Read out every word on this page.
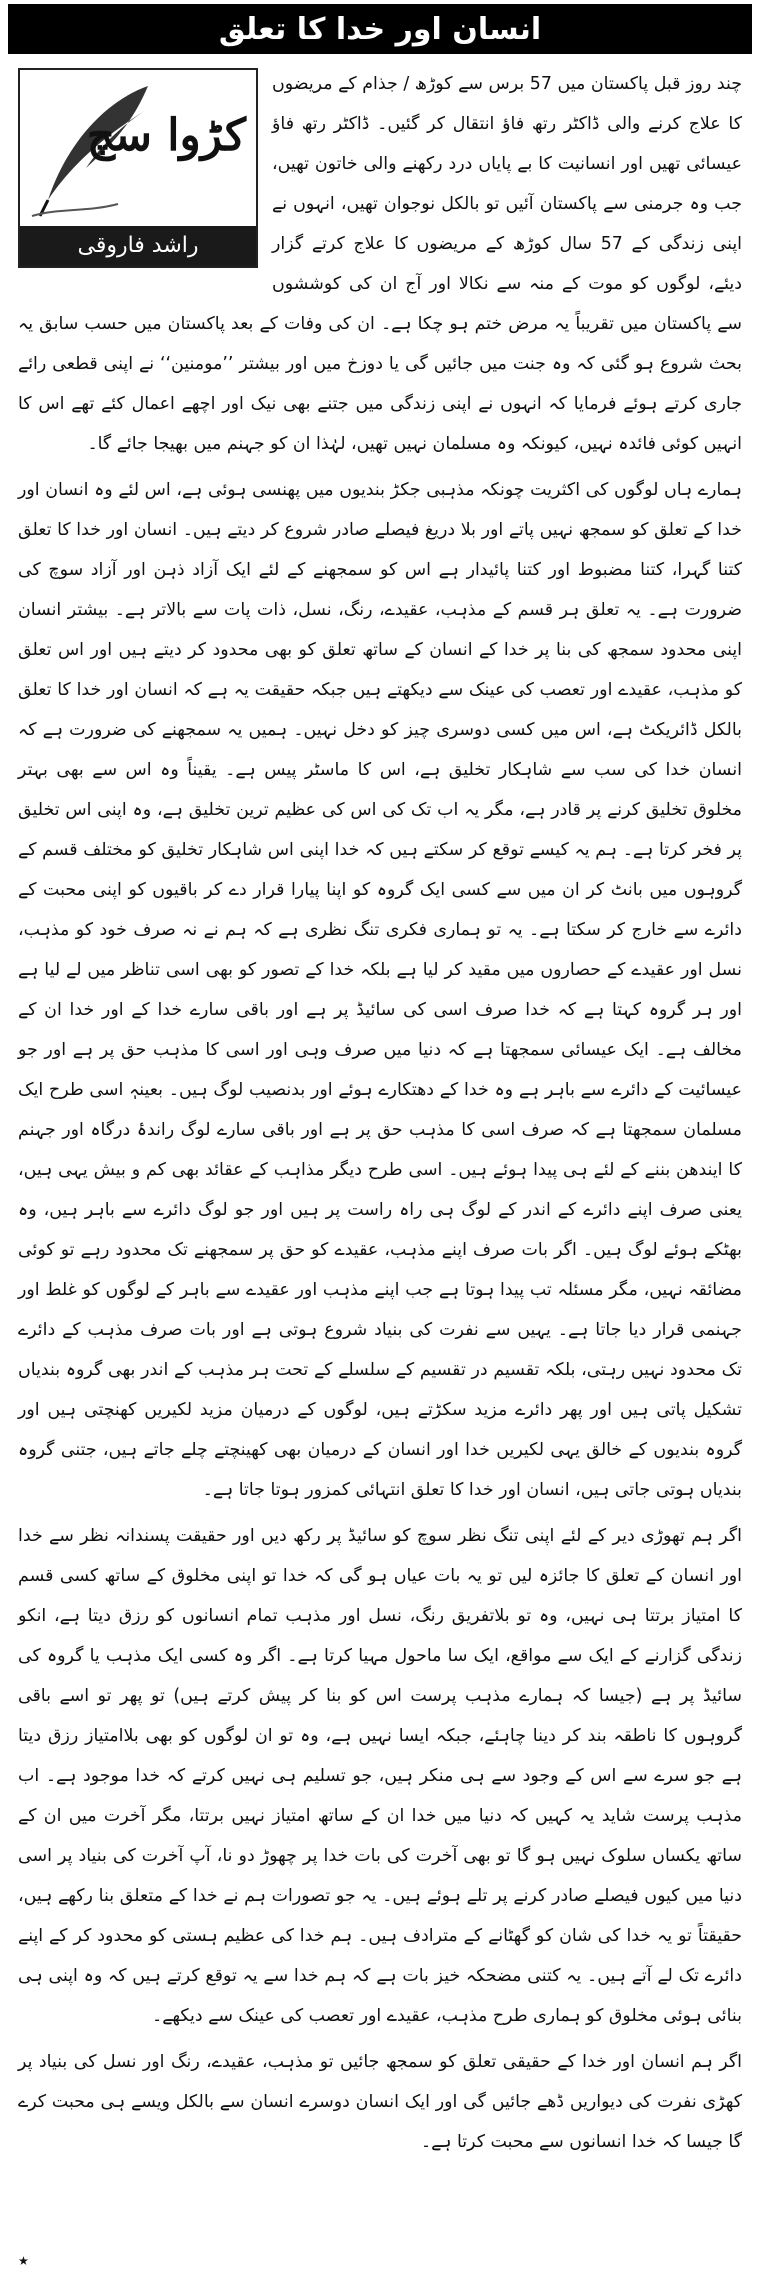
انسان اور خدا کا تعلق
کڑوا سچ
راشد فاروقی

چند روز قبل پاکستان میں 57 برس سے کوڑھ / جذام کے مریضوں کا علاج کرنے والی ڈاکٹر رتھ فاؤ انتقال کر گئیں۔ ڈاکٹر رتھ فاؤ عیسائی تھیں اور انسانیت کا بے پایاں درد رکھنے والی خاتون تھیں، جب وہ جرمنی سے پاکستان آئیں تو بالکل نوجوان تھیں، انہوں نے اپنی زندگی کے 57 سال کوڑھ کے مریضوں کا علاج کرتے گزار دیئے، لوگوں کو موت کے منہ سے نکالا اور آج ان کی کوششوں سے پاکستان میں تقریباً یہ مرض ختم ہو چکا ہے۔ ان کی وفات کے بعد پاکستان میں حسب سابق یہ بحث شروع ہو گئی کہ وہ جنت میں جائیں گی یا دوزخ میں اور بیشتر ’’مومنین‘‘ نے اپنی قطعی رائے جاری کرتے ہوئے فرمایا کہ انہوں نے اپنی زندگی میں جتنے بھی نیک اور اچھے اعمال کئے تھے اس کا انہیں کوئی فائدہ نہیں، کیونکہ وہ مسلمان نہیں تھیں، لہٰذا ان کو جہنم میں بھیجا جائے گا۔

ہمارے ہاں لوگوں کی اکثریت چونکہ مذہبی جکڑ بندیوں میں پھنسی ہوئی ہے، اس لئے وہ انسان اور خدا کے تعلق کو سمجھ نہیں پاتے اور بلا دریغ فیصلے صادر شروع کر دیتے ہیں۔ انسان اور خدا کا تعلق کتنا گہرا، کتنا مضبوط اور کتنا پائیدار ہے اس کو سمجھنے کے لئے ایک آزاد ذہن اور آزاد سوچ کی ضرورت ہے۔ یہ تعلق ہر قسم کے مذہب، عقیدے، رنگ، نسل، ذات پات سے بالاتر ہے۔ بیشتر انسان اپنی محدود سمجھ کی بنا پر خدا کے انسان کے ساتھ تعلق کو بھی محدود کر دیتے ہیں اور اس تعلق کو مذہب، عقیدے اور تعصب کی عینک سے دیکھتے ہیں جبکہ حقیقت یہ ہے کہ انسان اور خدا کا تعلق بالکل ڈائریکٹ ہے، اس میں کسی دوسری چیز کو دخل نہیں۔ ہمیں یہ سمجھنے کی ضرورت ہے کہ انسان خدا کی سب سے شاہکار تخلیق ہے، اس کا ماسٹر پیس ہے۔ یقیناً وہ اس سے بھی بہتر مخلوق تخلیق کرنے پر قادر ہے، مگر یہ اب تک کی اس کی عظیم ترین تخلیق ہے، وہ اپنی اس تخلیق پر فخر کرتا ہے۔ ہم یہ کیسے توقع کر سکتے ہیں کہ خدا اپنی اس شاہکار تخلیق کو مختلف قسم کے گروہوں میں بانٹ کر ان میں سے کسی ایک گروہ کو اپنا پیارا قرار دے کر باقیوں کو اپنی محبت کے دائرے سے خارج کر سکتا ہے۔ یہ تو ہماری فکری تنگ نظری ہے کہ ہم نے نہ صرف خود کو مذہب، نسل اور عقیدے کے حصاروں میں مقید کر لیا ہے بلکہ خدا کے تصور کو بھی اسی تناظر میں لے لیا ہے اور ہر گروہ کہتا ہے کہ خدا صرف اسی کی سائیڈ پر ہے اور باقی سارے خدا کے اور خدا ان کے مخالف ہے۔ ایک عیسائی سمجھتا ہے کہ دنیا میں صرف وہی اور اسی کا مذہب حق پر ہے اور جو عیسائیت کے دائرے سے باہر ہے وہ خدا کے دھتکارے ہوئے اور بدنصیب لوگ ہیں۔ بعینہٖ اسی طرح ایک مسلمان سمجھتا ہے کہ صرف اسی کا مذہب حق پر ہے اور باقی سارے لوگ راندۂ درگاہ اور جہنم کا ایندھن بننے کے لئے ہی پیدا ہوئے ہیں۔ اسی طرح دیگر مذاہب کے عقائد بھی کم و بیش یہی ہیں، یعنی صرف اپنے دائرے کے اندر کے لوگ ہی راہ راست پر ہیں اور جو لوگ دائرے سے باہر ہیں، وہ بھٹکے ہوئے لوگ ہیں۔ اگر بات صرف اپنے مذہب، عقیدے کو حق پر سمجھنے تک محدود رہے تو کوئی مضائقہ نہیں، مگر مسئلہ تب پیدا ہوتا ہے جب اپنے مذہب اور عقیدے سے باہر کے لوگوں کو غلط اور جہنمی قرار دیا جاتا ہے۔ یہیں سے نفرت کی بنیاد شروع ہوتی ہے اور بات صرف مذہب کے دائرے تک محدود نہیں رہتی، بلکہ تقسیم در تقسیم کے سلسلے کے تحت ہر مذہب کے اندر بھی گروہ بندیاں تشکیل پاتی ہیں اور پھر دائرے مزید سکڑتے ہیں، لوگوں کے درمیان مزید لکیریں کھنچتی ہیں اور گروہ بندیوں کے خالق یہی لکیریں خدا اور انسان کے درمیان بھی کھینچتے چلے جاتے ہیں، جتنی گروہ بندیاں ہوتی جاتی ہیں، انسان اور خدا کا تعلق انتہائی کمزور ہوتا جاتا ہے۔

اگر ہم تھوڑی دیر کے لئے اپنی تنگ نظر سوچ کو سائیڈ پر رکھ دیں اور حقیقت پسندانہ نظر سے خدا اور انسان کے تعلق کا جائزہ لیں تو یہ بات عیاں ہو گی کہ خدا تو اپنی مخلوق کے ساتھ کسی قسم کا امتیاز برتتا ہی نہیں، وہ تو بلاتفریق رنگ، نسل اور مذہب تمام انسانوں کو رزق دیتا ہے، انکو زندگی گزارنے کے ایک سے مواقع، ایک سا ماحول مہیا کرتا ہے۔ اگر وہ کسی ایک مذہب یا گروہ کی سائیڈ پر ہے (جیسا کہ ہمارے مذہب پرست اس کو بنا کر پیش کرتے ہیں) تو پھر تو اسے باقی گروہوں کا ناطقہ بند کر دینا چاہئے، جبکہ ایسا نہیں ہے، وہ تو ان لوگوں کو بھی بلاامتیاز رزق دیتا ہے جو سرے سے اس کے وجود سے ہی منکر ہیں، جو تسلیم ہی نہیں کرتے کہ خدا موجود ہے۔ اب مذہب پرست شاید یہ کہیں کہ دنیا میں خدا ان کے ساتھ امتیاز نہیں برتتا، مگر آخرت میں ان کے ساتھ یکساں سلوک نہیں ہو گا تو بھی آخرت کی بات خدا پر چھوڑ دو نا، آپ آخرت کی بنیاد پر اسی دنیا میں کیوں فیصلے صادر کرنے پر تلے ہوئے ہیں۔ یہ جو تصورات ہم نے خدا کے متعلق بنا رکھے ہیں، حقیقتاً تو یہ خدا کی شان کو گھٹانے کے مترادف ہیں۔ ہم خدا کی عظیم ہستی کو محدود کر کے اپنے دائرے تک لے آتے ہیں۔ یہ کتنی مضحکہ خیز بات ہے کہ ہم خدا سے یہ توقع کرتے ہیں کہ وہ اپنی ہی بنائی ہوئی مخلوق کو ہماری طرح مذہب، عقیدے اور تعصب کی عینک سے دیکھے۔

اگر ہم انسان اور خدا کے حقیقی تعلق کو سمجھ جائیں تو مذہب، عقیدے، رنگ اور نسل کی بنیاد پر کھڑی نفرت کی دیواریں ڈھے جائیں گی اور ایک انسان دوسرے انسان سے بالکل ویسے ہی محبت کرے گا جیسا کہ خدا انسانوں سے محبت کرتا ہے۔

٭
